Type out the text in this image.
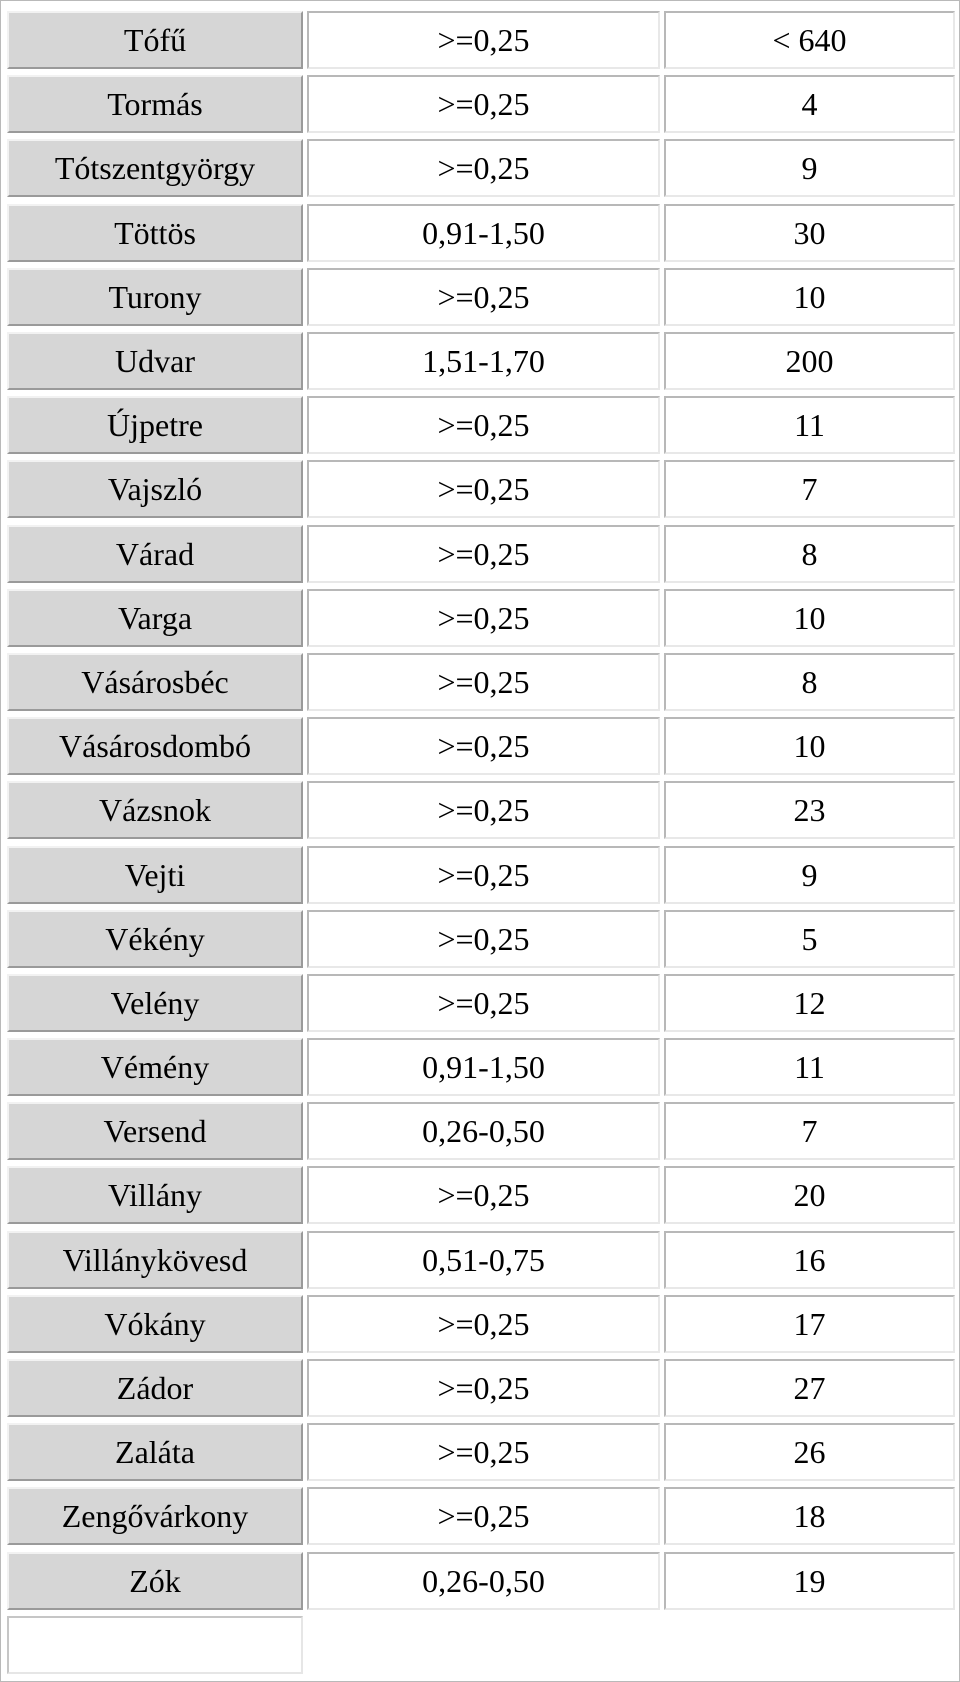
Tófű	>=0,25	< 640

Tormás	>=0,25	4

Tótszentgyörgy	>=0,25	9

Töttös	0,91-1,50	30

Turony	>=0,25	10

Udvar	1,51-1,70	200

Újpetre	>=0,25	11

Vajszló	>=0,25	7

Várad	>=0,25	8

Varga	>=0,25	10

Vásárosbéc	>=0,25	8

Vásárosdombó	>=0,25	10

Vázsnok	>=0,25	23

Vejti	>=0,25	9

Vékény	>=0,25	5

Velény	>=0,25	12

Vémény	0,91-1,50	11

Versend	0,26-0,50	7

Villány	>=0,25	20

Villánykövesd	0,51-0,75	16

Vókány	>=0,25	17

Zádor	>=0,25	27

Zaláta	>=0,25	26

Zengővárkony	>=0,25	18

Zók	0,26-0,50	19
